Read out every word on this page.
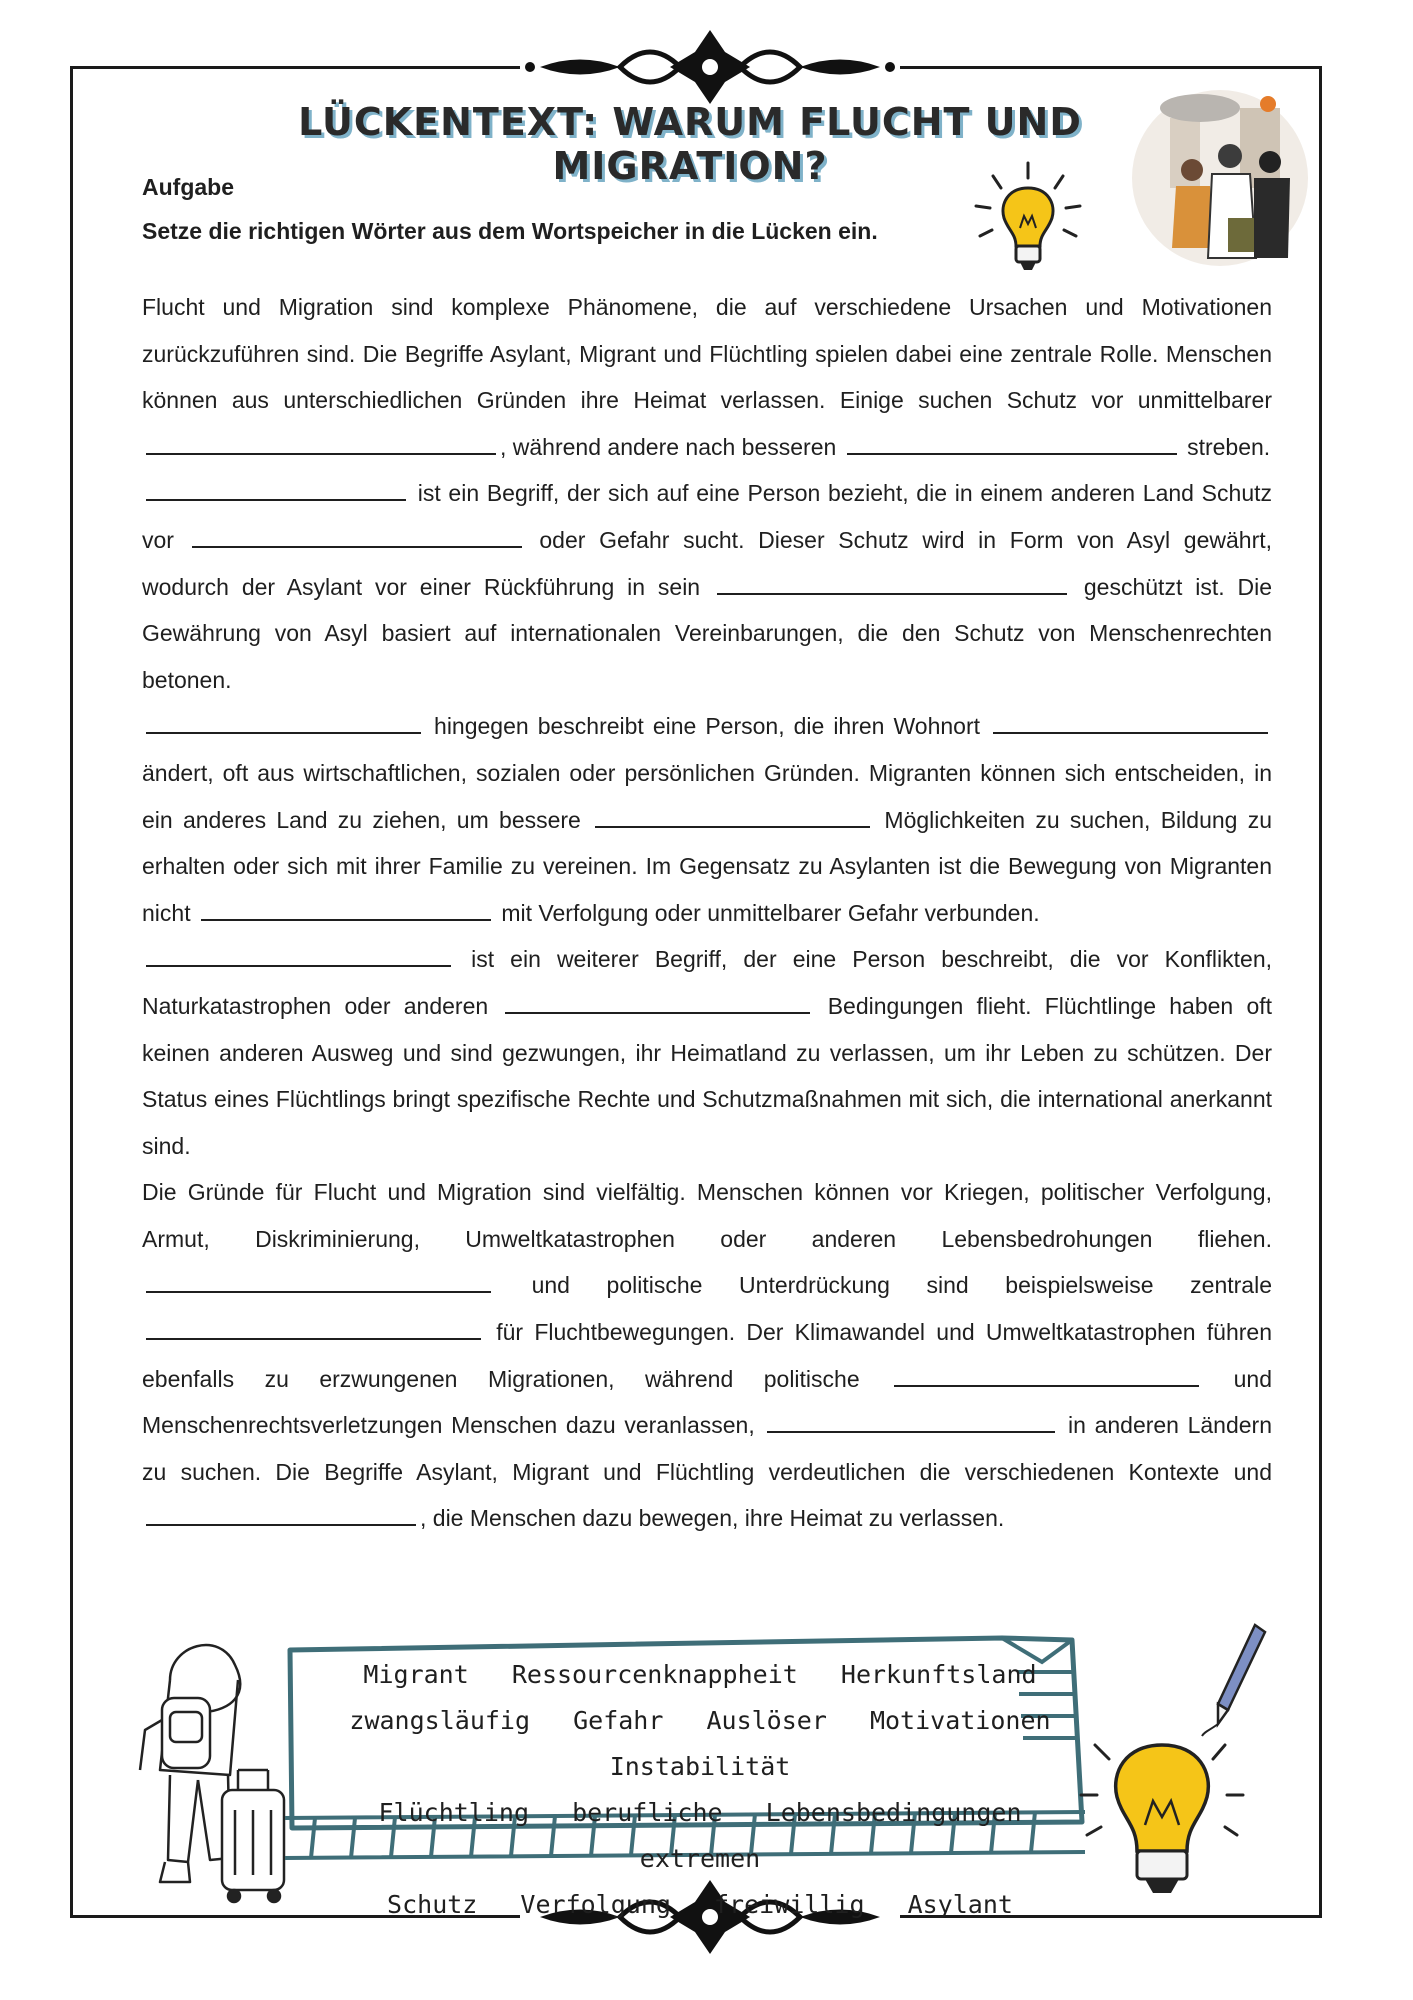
LÜCKENTEXT: WARUM FLUCHT UND MIGRATION?
Aufgabe
Setze die richtigen Wörter aus dem Wortspeicher in die Lücken ein.

Flucht und Migration sind komplexe Phänomene, die auf verschiedene Ursachen und Motivationen zurückzuführen sind. Die Begriffe Asylant, Migrant und Flüchtling spielen dabei eine zentrale Rolle. Menschen können aus unterschiedlichen Gründen ihre Heimat verlassen. Einige suchen Schutz vor unmittelbarer , während andere nach besseren	streben.

ist ein Begriff, der sich auf eine Person bezieht, die in einem anderen Land Schutz vor	oder Gefahr sucht. Dieser Schutz wird in Form von Asyl gewährt, wodurch der Asylant vor einer Rückführung in sein	geschützt ist. Die Gewährung von Asyl basiert auf internationalen Vereinbarungen, die den Schutz von Menschenrechten betonen.

hingegen beschreibt eine Person, die ihren Wohnort  ändert, oft aus wirtschaftlichen, sozialen oder persönlichen Gründen. Migranten können sich entscheiden, in ein anderes Land zu ziehen, um bessere	Möglichkeiten zu suchen, Bildung zu erhalten oder sich mit ihrer Familie zu vereinen. Im Gegensatz zu Asylanten ist die Bewegung von Migranten nicht	mit Verfolgung oder unmittelbarer Gefahr verbunden.

ist ein weiterer Begriff, der eine Person beschreibt, die vor Konflikten, Naturkatastrophen oder anderen	Bedingungen flieht. Flüchtlinge haben oft keinen anderen Ausweg und sind gezwungen, ihr Heimatland zu verlassen, um ihr Leben zu schützen. Der Status eines Flüchtlings bringt spezifische Rechte und Schutzmaßnahmen mit sich, die international anerkannt sind.

Die Gründe für Flucht und Migration sind vielfältig. Menschen können vor Kriegen, politischer Verfolgung, Armut, Diskriminierung, Umweltkatastrophen oder anderen Lebensbedrohungen fliehen.  und politische Unterdrückung sind beispielsweise zentrale  für Fluchtbewegungen. Der Klimawandel und Umweltkatastrophen führen ebenfalls zu erzwungenen Migrationen, während politische	und Menschenrechtsverletzungen Menschen dazu veranlassen,	in anderen Ländern zu suchen. Die Begriffe Asylant, Migrant und Flüchtling verdeutlichen die verschiedenen Kontexte und , die Menschen dazu bewegen, ihre Heimat zu verlassen.

Migrant Ressourcenknappheit Herkunftsland
zwangsläufig Gefahr Auslöser Motivationen Instabilität
Flüchtling berufliche Lebensbedingungen extremen
Schutz Verfolgung freiwillig Asylant
